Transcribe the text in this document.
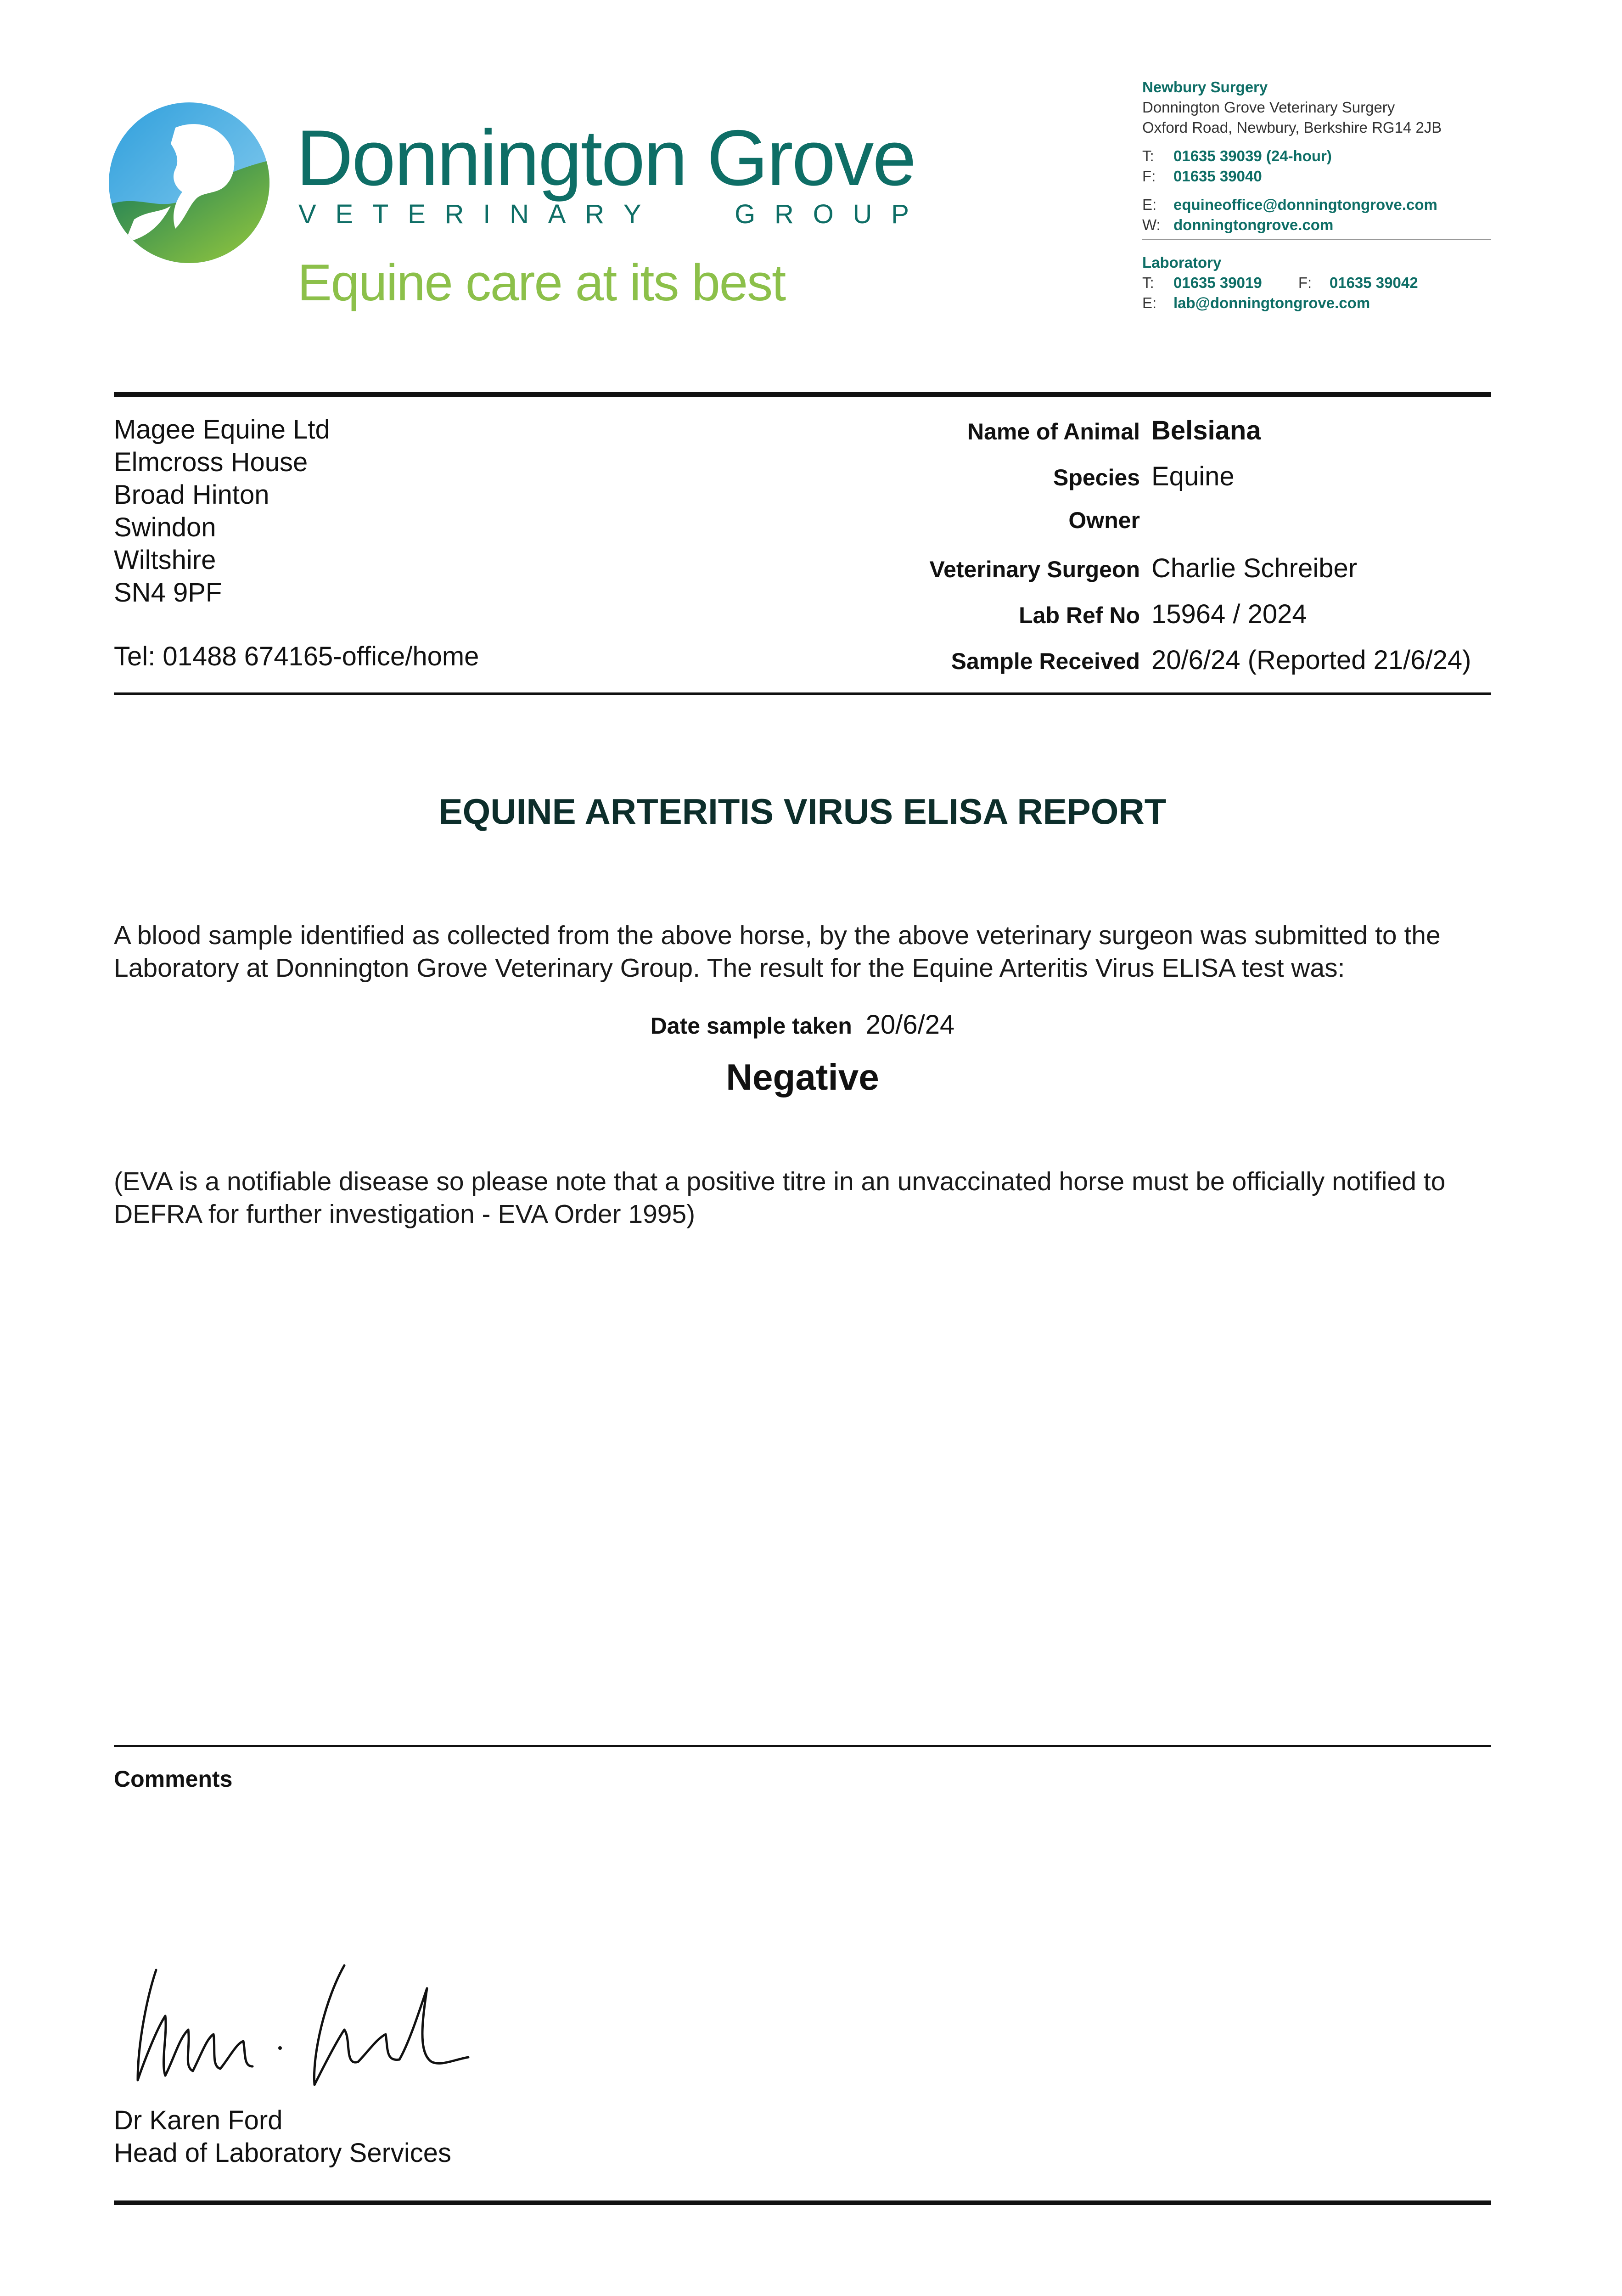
Donnington Grove
V E T E R I N A R Y	G R O U P
Equine care at its best
Newbury Surgery
Donnington Grove Veterinary Surgery
Oxford Road, Newbury, Berkshire RG14 2JB
T: 01635 39039 (24-hour)
F: 01635 39040
E: equineoffice@donningtongrove.com
W: donningtongrove.com
Laboratory
T: 01635 39019 F: 01635 39042
E: lab@donningtongrove.com
Magee Equine Ltd
Elmcross House
Broad Hinton
Swindon
Wiltshire
SN4 9PF
Tel: 01488 674165-office/home
Name of Animal Belsiana
Species Equine
Owner
Veterinary Surgeon Charlie Schreiber
Lab Ref No 15964 / 2024
Sample Received 20/6/24 (Reported 21/6/24)
EQUINE ARTERITIS VIRUS ELISA REPORT
A blood sample identified as collected from the above horse, by the above veterinary surgeon was submitted to the Laboratory at Donnington Grove Veterinary Group. The result for the Equine Arteritis Virus ELISA test was:
Date sample taken 20/6/24
Negative
(EVA is a notifiable disease so please note that a positive titre in an unvaccinated horse must be officially notified to DEFRA for further investigation - EVA Order 1995)
Comments
Dr Karen Ford
Head of Laboratory Services
